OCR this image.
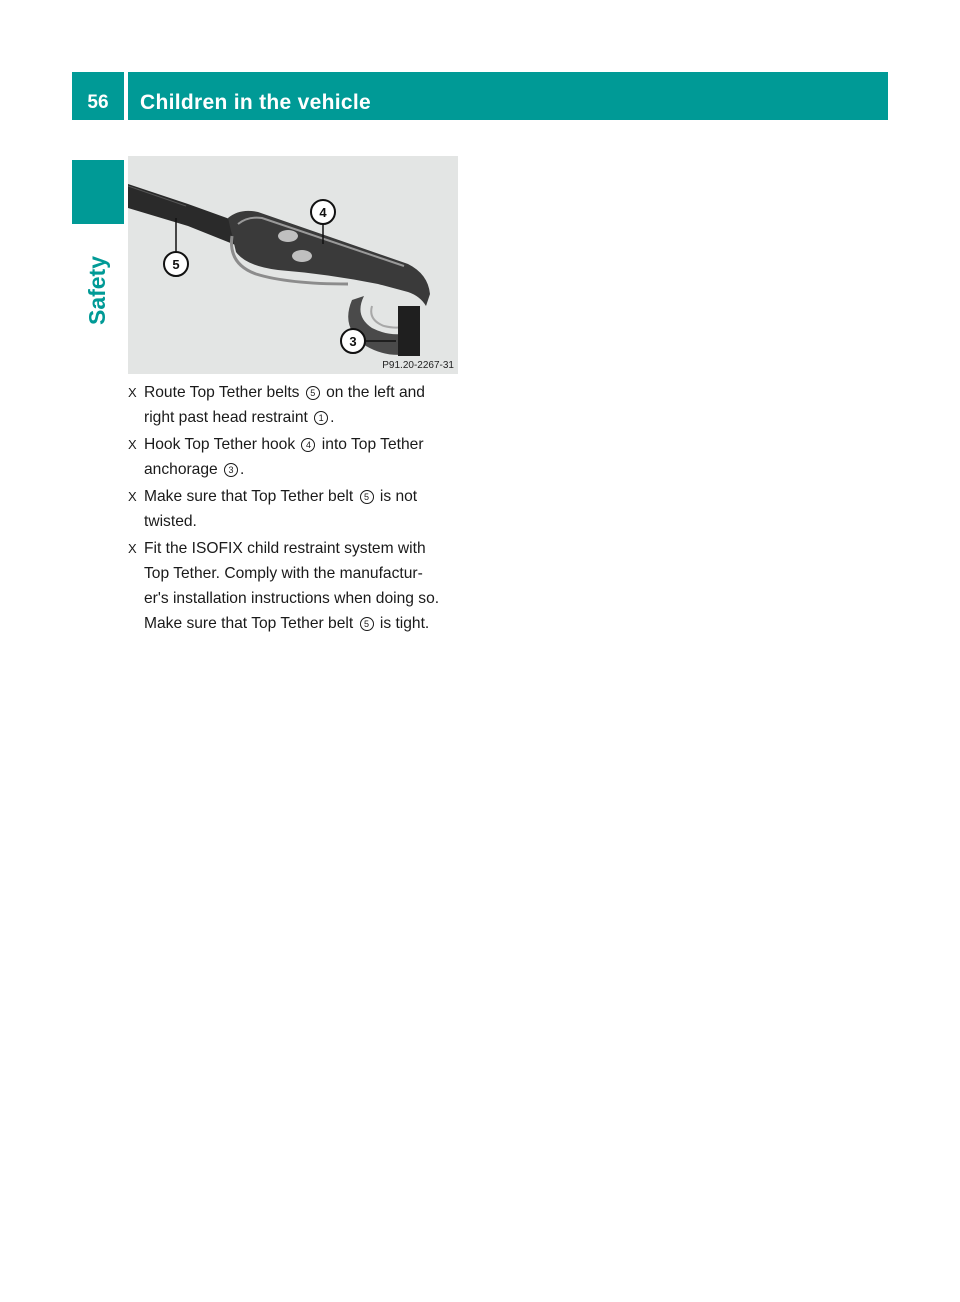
56	Children in the vehicle
Safety
4
5
3
P91.20-2267-31
X Route Top Tether belts 5 on the left and
right past head restraint 1 .
X Hook Top Tether hook 4 into Top Tether
anchorage 3 .
X Make sure that Top Tether belt 5 is not
twisted.
X Fit the ISOFIX child restraint system with
Top Tether. Comply with the manufactur-
er's installation instructions when doing so.
Make sure that Top Tether belt 5 is tight.
